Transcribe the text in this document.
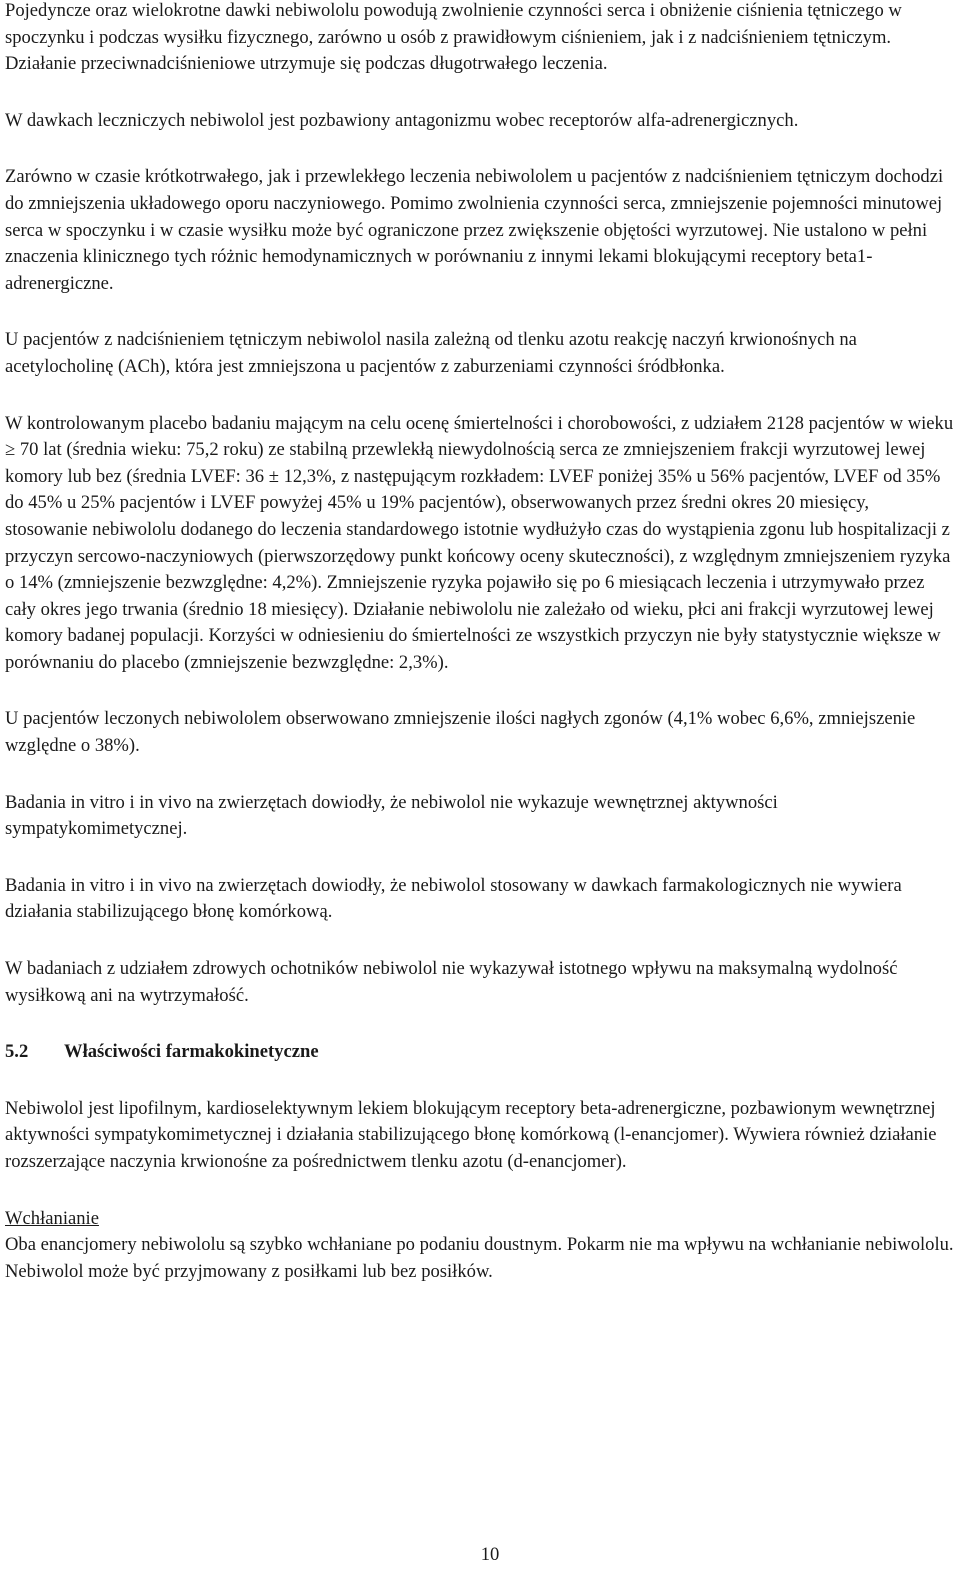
Pojedyncze oraz wielokrotne dawki nebiwololu powodują zwolnienie czynności serca i obniżenie ciśnienia tętniczego w spoczynku i podczas wysiłku fizycznego, zarówno u osób z prawidłowym ciśnieniem, jak i z nadciśnieniem tętniczym. Działanie przeciwnadciśnieniowe utrzymuje się podczas długotrwałego leczenia.

W dawkach leczniczych nebiwolol jest pozbawiony antagonizmu wobec receptorów alfa-adrenergicznych.

Zarówno w czasie krótkotrwałego, jak i przewlekłego leczenia nebiwololem u pacjentów z nadciśnieniem tętniczym dochodzi do zmniejszenia układowego oporu naczyniowego. Pomimo zwolnienia czynności serca, zmniejszenie pojemności minutowej serca w spoczynku i w czasie wysiłku może być ograniczone przez zwiększenie objętości wyrzutowej. Nie ustalono w pełni znaczenia klinicznego tych różnic hemodynamicznych w porównaniu z innymi lekami blokującymi receptory beta1-adrenergiczne.

U pacjentów z nadciśnieniem tętniczym nebiwolol nasila zależną od tlenku azotu reakcję naczyń krwionośnych na acetylocholinę (ACh), która jest zmniejszona u pacjentów z zaburzeniami czynności śródbłonka.

W kontrolowanym placebo badaniu mającym na celu ocenę śmiertelności i chorobowości, z udziałem 2128 pacjentów w wieku ≥ 70 lat (średnia wieku: 75,2 roku) ze stabilną przewlekłą niewydolnością serca ze zmniejszeniem frakcji wyrzutowej lewej komory lub bez (średnia LVEF: 36 ± 12,3%, z następującym rozkładem: LVEF poniżej 35% u 56% pacjentów, LVEF od 35% do 45% u 25% pacjentów i LVEF powyżej 45% u 19% pacjentów), obserwowanych przez średni okres 20 miesięcy, stosowanie nebiwololu dodanego do leczenia standardowego istotnie wydłużyło czas do wystąpienia zgonu lub hospitalizacji z przyczyn sercowo-naczyniowych (pierwszorzędowy punkt końcowy oceny skuteczności), z względnym zmniejszeniem ryzyka o 14% (zmniejszenie bezwzględne: 4,2%). Zmniejszenie ryzyka pojawiło się po 6 miesiącach leczenia i utrzymywało przez cały okres jego trwania (średnio 18 miesięcy). Działanie nebiwololu nie zależało od wieku, płci ani frakcji wyrzutowej lewej komory badanej populacji. Korzyści w odniesieniu do śmiertelności ze wszystkich przyczyn nie były statystycznie większe w porównaniu do placebo (zmniejszenie bezwzględne: 2,3%).

U pacjentów leczonych nebiwololem obserwowano zmniejszenie ilości nagłych zgonów (4,1% wobec 6,6%, zmniejszenie względne o 38%).

Badania in vitro i in vivo na zwierzętach dowiodły, że nebiwolol nie wykazuje wewnętrznej aktywności sympatykomimetycznej.

Badania in vitro i in vivo na zwierzętach dowiodły, że nebiwolol stosowany w dawkach farmakologicznych nie wywiera działania stabilizującego błonę komórkową.

W badaniach z udziałem zdrowych ochotników nebiwolol nie wykazywał istotnego wpływu na maksymalną wydolność wysiłkową ani na wytrzymałość.

5.2 Właściwości farmakokinetyczne

Nebiwolol jest lipofilnym, kardioselektywnym lekiem blokującym receptory beta-adrenergiczne, pozbawionym wewnętrznej aktywności sympatykomimetycznej i działania stabilizującego błonę komórkową (l-enancjomer). Wywiera również działanie rozszerzające naczynia krwionośne za pośrednictwem tlenku azotu (d-enancjomer).

Wchłanianie

Oba enancjomery nebiwololu są szybko wchłaniane po podaniu doustnym. Pokarm nie ma wpływu na wchłanianie nebiwololu. Nebiwolol może być przyjmowany z posiłkami lub bez posiłków.

10
